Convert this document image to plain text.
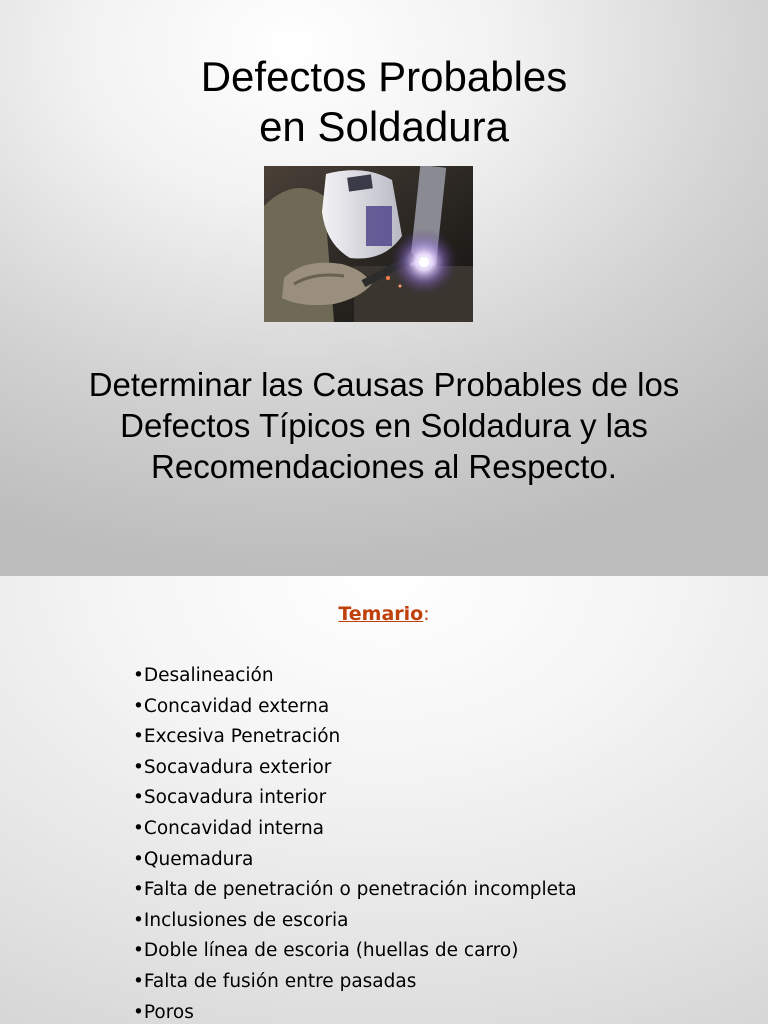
Defectos Probables
en Soldadura
Determinar las Causas Probables de los
Defectos Típicos en Soldadura y las
Recomendaciones al Respecto.
Temario:
•Desalineación
•Concavidad externa
•Excesiva Penetración
•Socavadura exterior
•Socavadura interior
•Concavidad interna
•Quemadura
•Falta de penetración o penetración incompleta
•Inclusiones de escoria
•Doble línea de escoria (huellas de carro)
•Falta de fusión entre pasadas
•Poros
